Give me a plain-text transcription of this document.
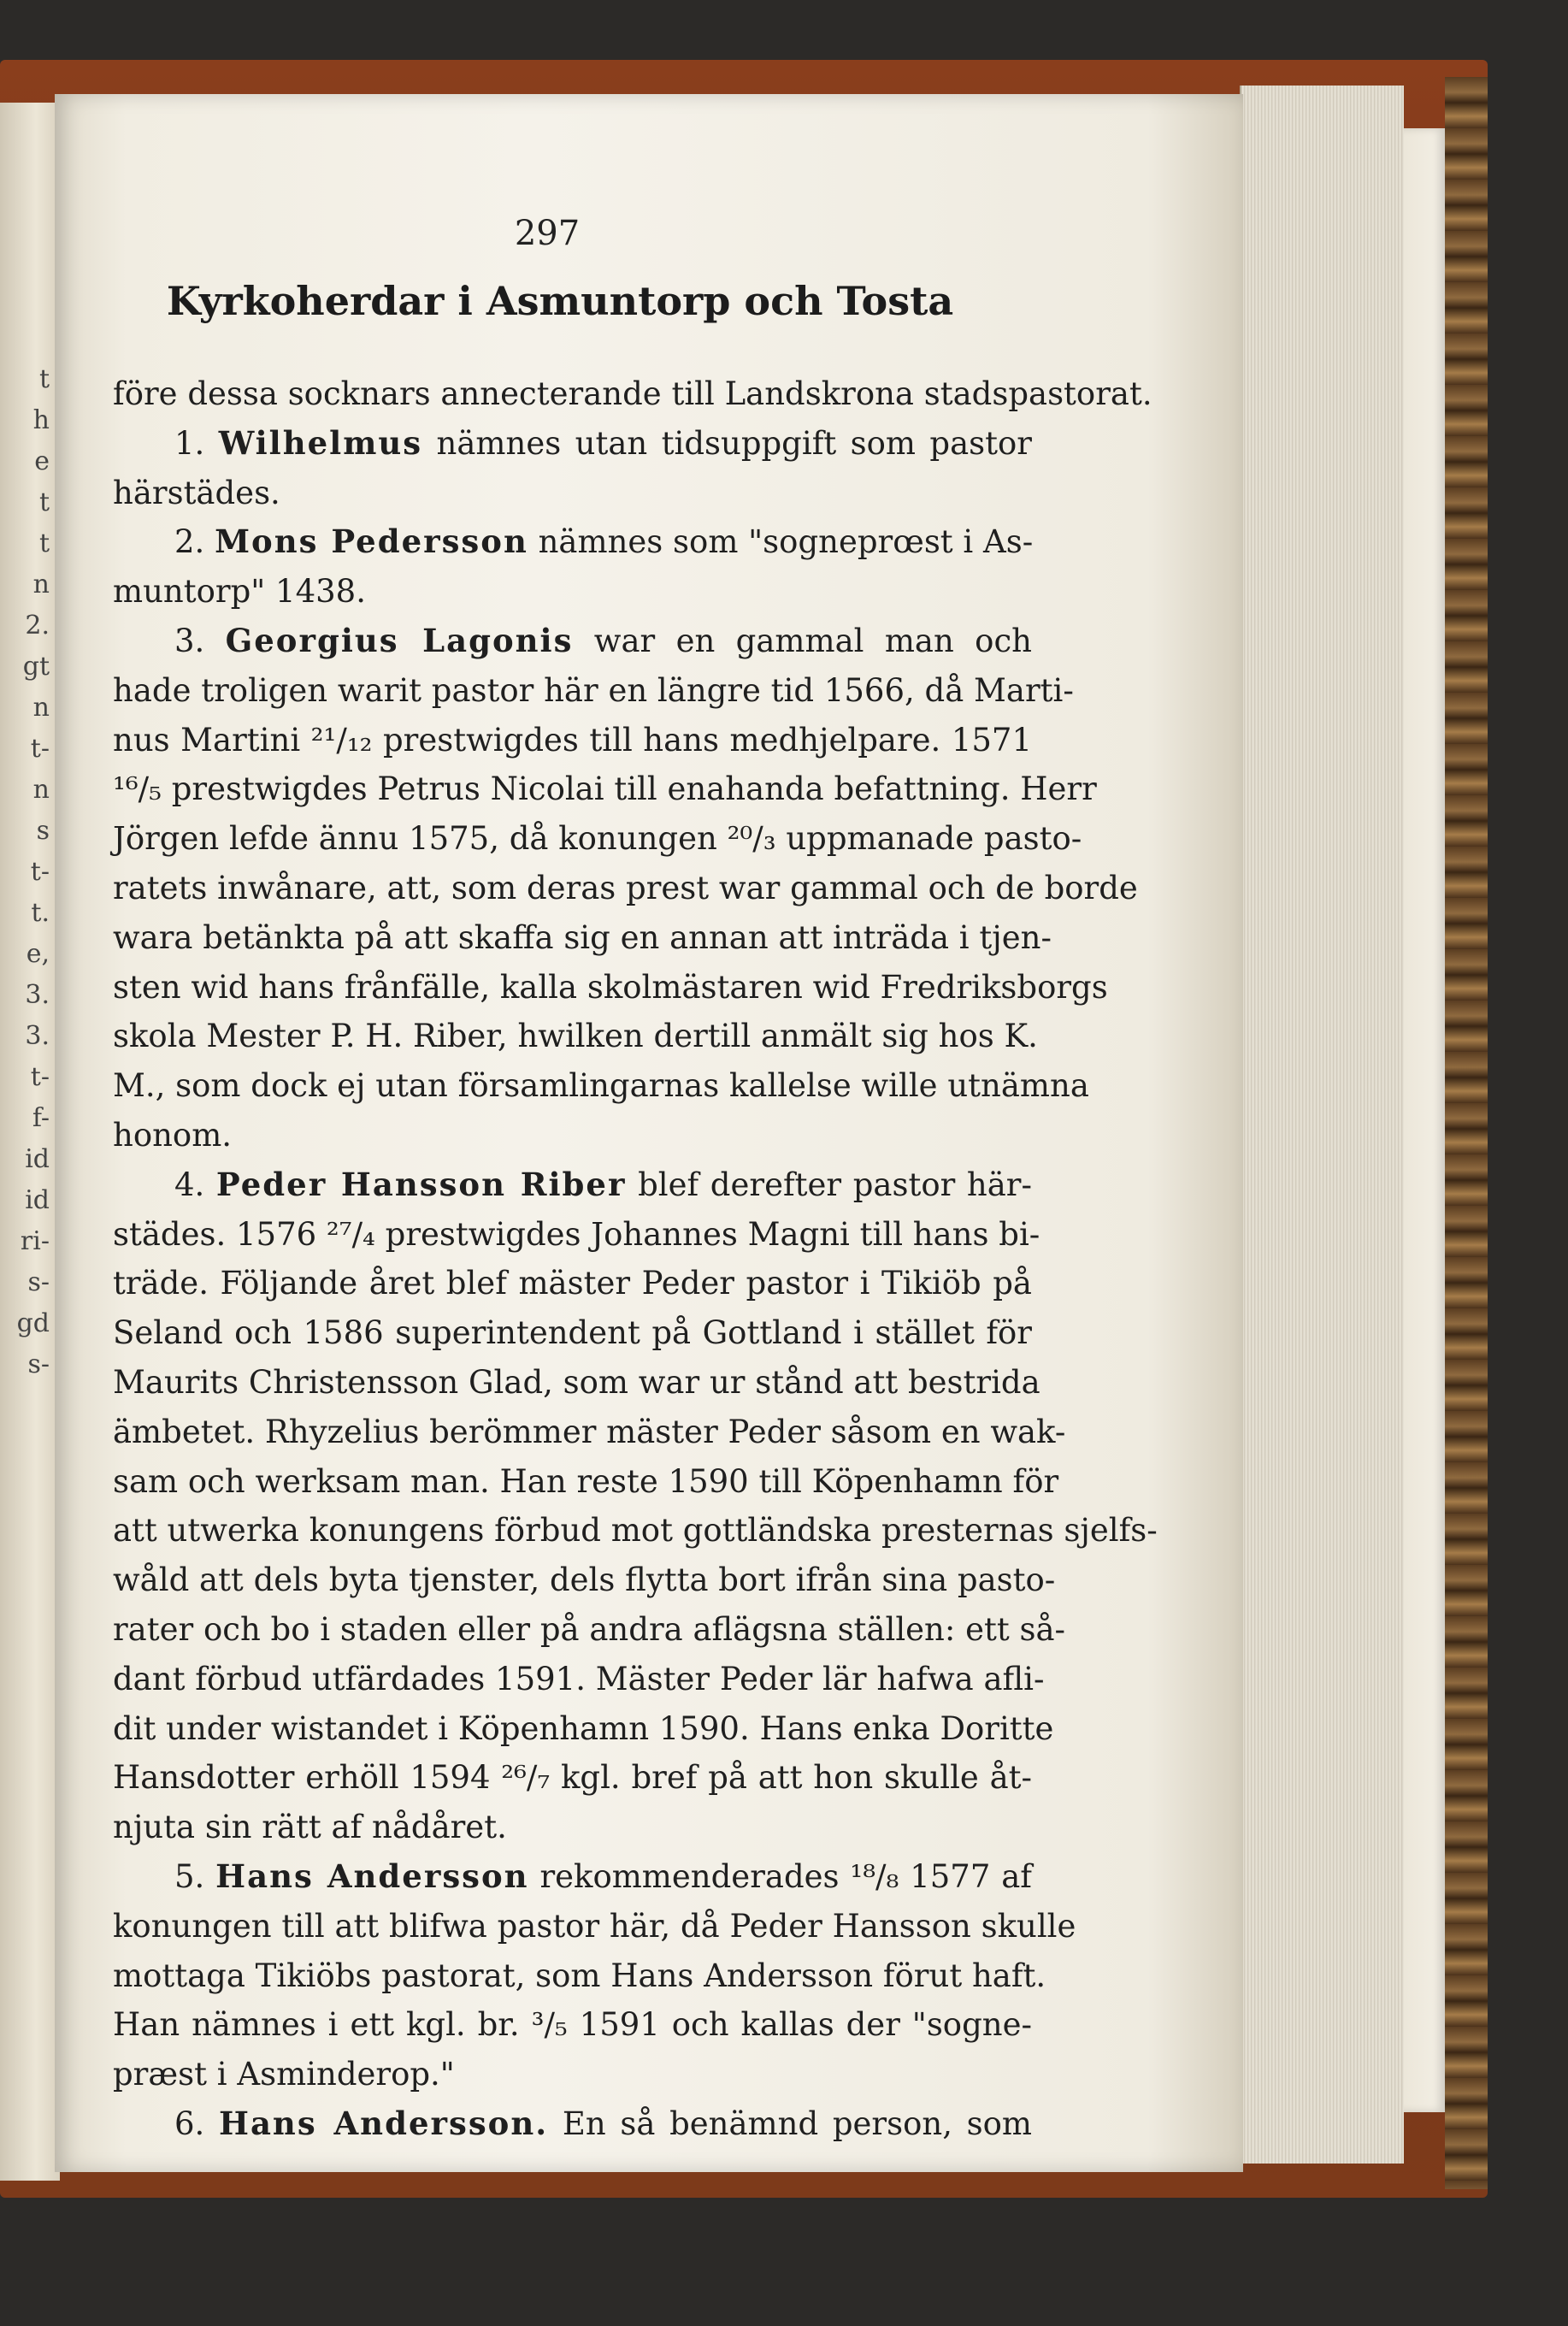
t
h
e
t
t
n
2.
gt
n
t-
n
s
t-
t.
e,
3.
3.
t-
f-
id
id
ri-
s-
gd
s-
297
Kyrkoherdar i Asmuntorp och Tosta
före dessa socknars annecterande till Landskrona stadspastorat.
1. Wilhelmus nämnes utan tidsuppgift som pastor
härstädes.
2. Mons Pedersson nämnes som "sogneprœst i As-
muntorp" 1438.
3. Georgius Lagonis war en gammal man och
hade troligen warit pastor här en längre tid 1566, då Marti-
nus Martini ²¹/₁₂ prestwigdes till hans medhjelpare. 1571
¹⁶/₅ prestwigdes Petrus Nicolai till enahanda befattning. Herr
Jörgen lefde ännu 1575, då konungen ²⁰/₃ uppmanade pasto-
ratets inwånare, att, som deras prest war gammal och de borde
wara betänkta på att skaffa sig en annan att inträda i tjen-
sten wid hans frånfälle, kalla skolmästaren wid Fredriksborgs
skola Mester P. H. Riber, hwilken dertill anmält sig hos K.
M., som dock ej utan församlingarnas kallelse wille utnämna
honom.
4. Peder Hansson Riber blef derefter pastor här-
städes. 1576 ²⁷/₄ prestwigdes Johannes Magni till hans bi-
träde. Följande året blef mäster Peder pastor i Tikiöb på
Seland och 1586 superintendent på Gottland i stället för
Maurits Christensson Glad, som war ur stånd att bestrida
ämbetet. Rhyzelius berömmer mäster Peder såsom en wak-
sam och werksam man. Han reste 1590 till Köpenhamn för
att utwerka konungens förbud mot gottländska presternas sjelfs-
wåld att dels byta tjenster, dels flytta bort ifrån sina pasto-
rater och bo i staden eller på andra aflägsna ställen: ett så-
dant förbud utfärdades 1591. Mäster Peder lär hafwa afli-
dit under wistandet i Köpenhamn 1590. Hans enka Doritte
Hansdotter erhöll 1594 ²⁶/₇ kgl. bref på att hon skulle åt-
njuta sin rätt af nådåret.
5. Hans Andersson rekommenderades ¹⁸/₈ 1577 af
konungen till att blifwa pastor här, då Peder Hansson skulle
mottaga Tikiöbs pastorat, som Hans Andersson förut haft.
Han nämnes i ett kgl. br. ³/₅ 1591 och kallas der "sogne-
præst i Asminderop."
6. Hans Andersson. En så benämnd person, som
